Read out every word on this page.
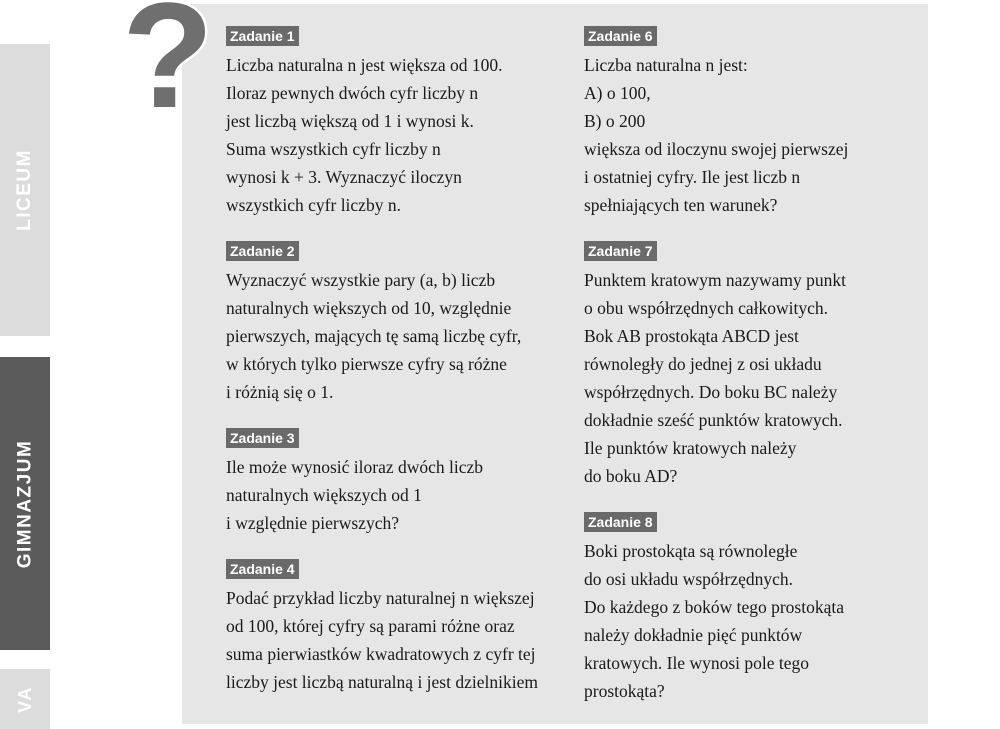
LICEUM
GIMNAZJUM
VA
? Zadanie 1
Liczba naturalna n jest większa od 100.
Iloraz pewnych dwóch cyfr liczby n
jest liczbą większą od 1 i wynosi k.
Suma wszystkich cyfr liczby n
wynosi k + 3. Wyznaczyć iloczyn
wszystkich cyfr liczby n.
Zadanie 2
Wyznaczyć wszystkie pary (a, b) liczb
naturalnych większych od 10, względnie
pierwszych, mających tę samą liczbę cyfr,
w których tylko pierwsze cyfry są różne
i różnią się o 1.
Zadanie 3
Ile może wynosić iloraz dwóch liczb
naturalnych większych od 1
i względnie pierwszych?
Zadanie 4
Podać przykład liczby naturalnej n większej
od 100, której cyfry są parami różne oraz
suma pierwiastków kwadratowych z cyfr tej
liczby jest liczbą naturalną i jest dzielnikiem
Zadanie 6
Liczba naturalna n jest:
A) o 100,
B) o 200
większa od iloczynu swojej pierwszej
i ostatniej cyfry. Ile jest liczb n
spełniających ten warunek?
Zadanie 7
Punktem kratowym nazywamy punkt
o obu współrzędnych całkowitych.
Bok AB prostokąta ABCD jest
równoległy do jednej z osi układu
współrzędnych. Do boku BC należy
dokładnie sześć punktów kratowych.
Ile punktów kratowych należy
do boku AD?
Zadanie 8
Boki prostokąta są równoległe
do osi układu współrzędnych.
Do każdego z boków tego prostokąta
należy dokładnie pięć punktów
kratowych. Ile wynosi pole tego
prostokąta?
